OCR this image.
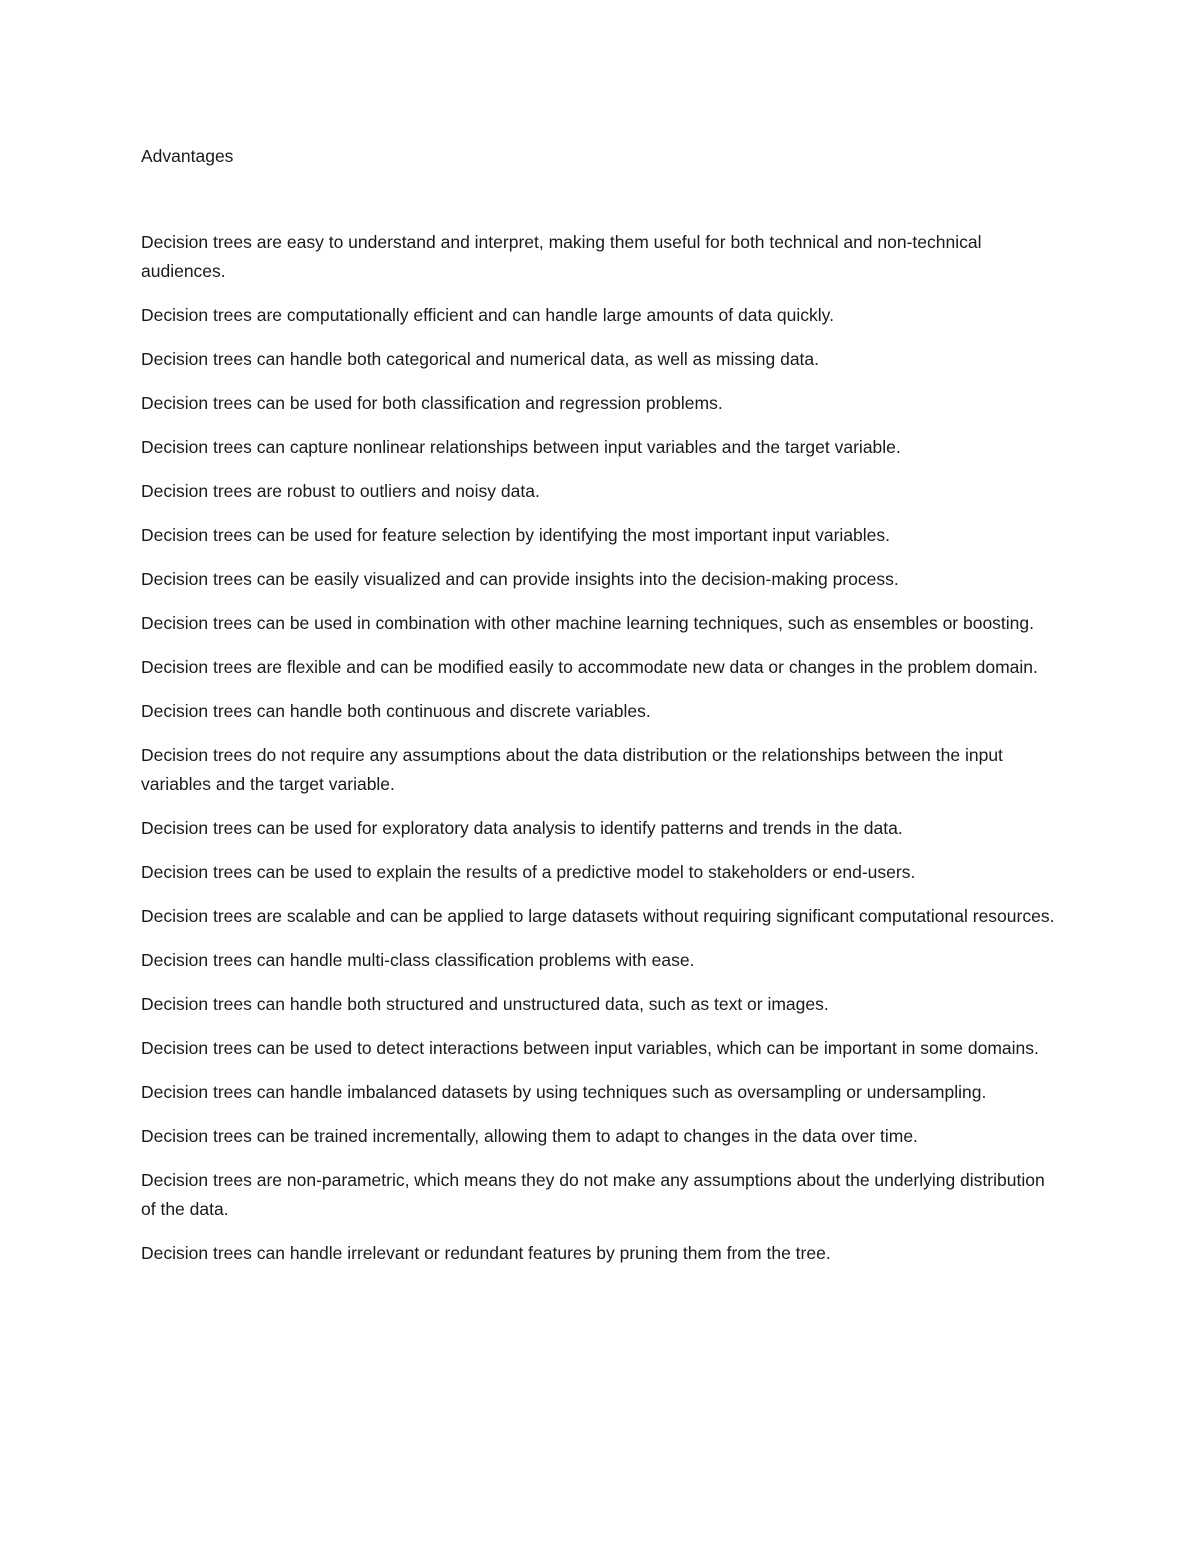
Advantages
Decision trees are easy to understand and interpret, making them useful for both technical and non-technical audiences.
Decision trees are computationally efficient and can handle large amounts of data quickly.
Decision trees can handle both categorical and numerical data, as well as missing data.
Decision trees can be used for both classification and regression problems.
Decision trees can capture nonlinear relationships between input variables and the target variable.
Decision trees are robust to outliers and noisy data.
Decision trees can be used for feature selection by identifying the most important input variables.
Decision trees can be easily visualized and can provide insights into the decision-making process.
Decision trees can be used in combination with other machine learning techniques, such as ensembles or boosting.
Decision trees are flexible and can be modified easily to accommodate new data or changes in the problem domain.
Decision trees can handle both continuous and discrete variables.
Decision trees do not require any assumptions about the data distribution or the relationships between the input variables and the target variable.
Decision trees can be used for exploratory data analysis to identify patterns and trends in the data.
Decision trees can be used to explain the results of a predictive model to stakeholders or end-users.
Decision trees are scalable and can be applied to large datasets without requiring significant computational resources.
Decision trees can handle multi-class classification problems with ease.
Decision trees can handle both structured and unstructured data, such as text or images.
Decision trees can be used to detect interactions between input variables, which can be important in some domains.
Decision trees can handle imbalanced datasets by using techniques such as oversampling or undersampling.
Decision trees can be trained incrementally, allowing them to adapt to changes in the data over time.
Decision trees are non-parametric, which means they do not make any assumptions about the underlying distribution of the data.
Decision trees can handle irrelevant or redundant features by pruning them from the tree.
